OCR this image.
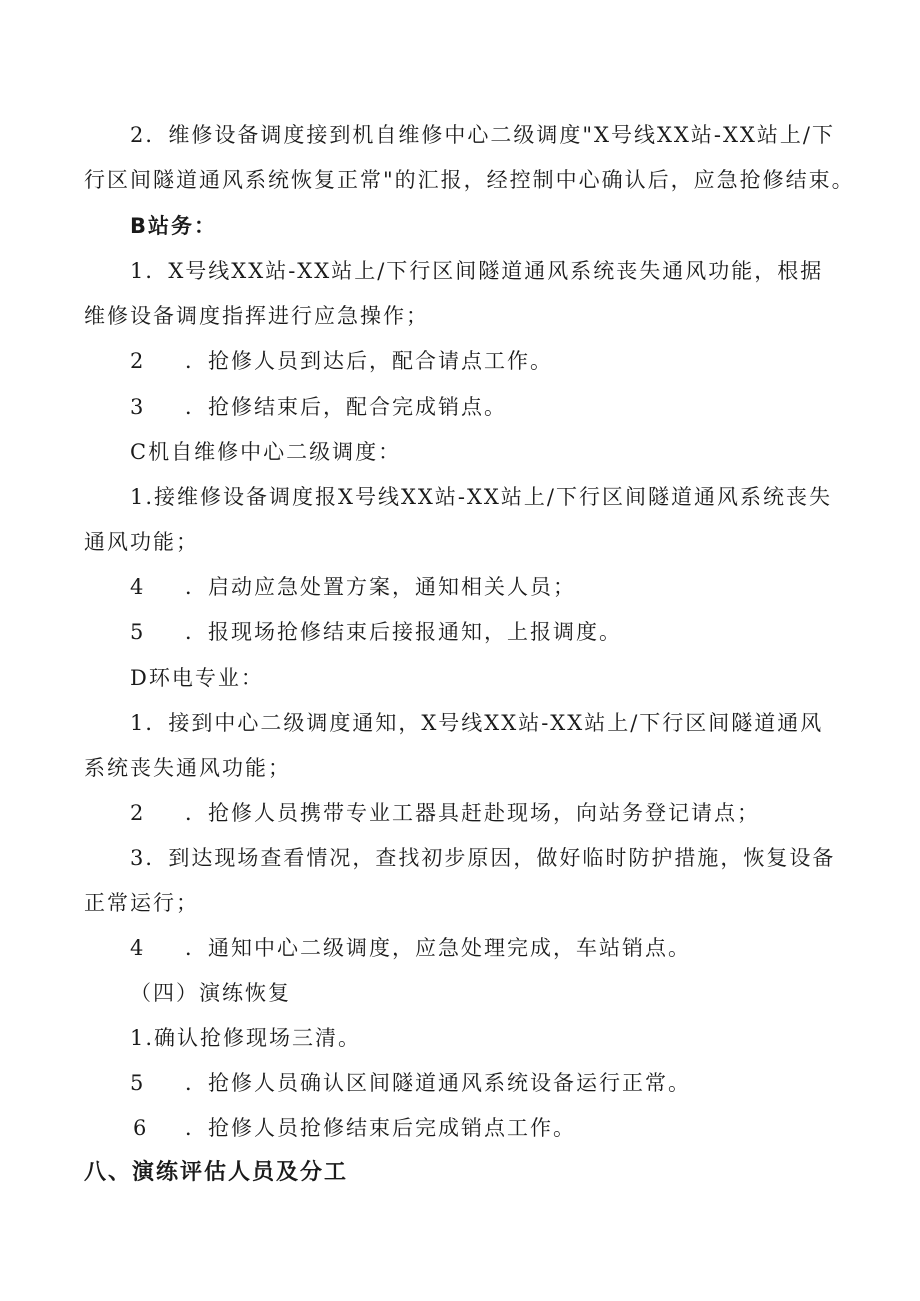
2．维修设备调度接到机自维修中心二级调度"X号线XX站-XX站上/下

行区间隧道通风系统恢复正常"的汇报，经控制中心确认后，应急抢修结束。

B站务：

1．X号线XX站-XX站上/下行区间隧道通风系统丧失通风功能，根据

维修设备调度指挥进行应急操作；

2 ．抢修人员到达后，配合请点工作。

3 ．抢修结束后，配合完成销点。

C机自维修中心二级调度：

1.接维修设备调度报X号线XX站-XX站上/下行区间隧道通风系统丧失

通风功能；

4 ．启动应急处置方案，通知相关人员；

5 ．报现场抢修结束后接报通知，上报调度。

D环电专业：

1．接到中心二级调度通知，X号线XX站-XX站上/下行区间隧道通风

系统丧失通风功能；

2 ．抢修人员携带专业工器具赶赴现场，向站务登记请点；

3．到达现场查看情况，查找初步原因，做好临时防护措施，恢复设备

正常运行；

4 ．通知中心二级调度，应急处理完成，车站销点。

（四）演练恢复

1.确认抢修现场三清。

5 ．抢修人员确认区间隧道通风系统设备运行正常。

6 ．抢修人员抢修结束后完成销点工作。

八、演练评估人员及分工
